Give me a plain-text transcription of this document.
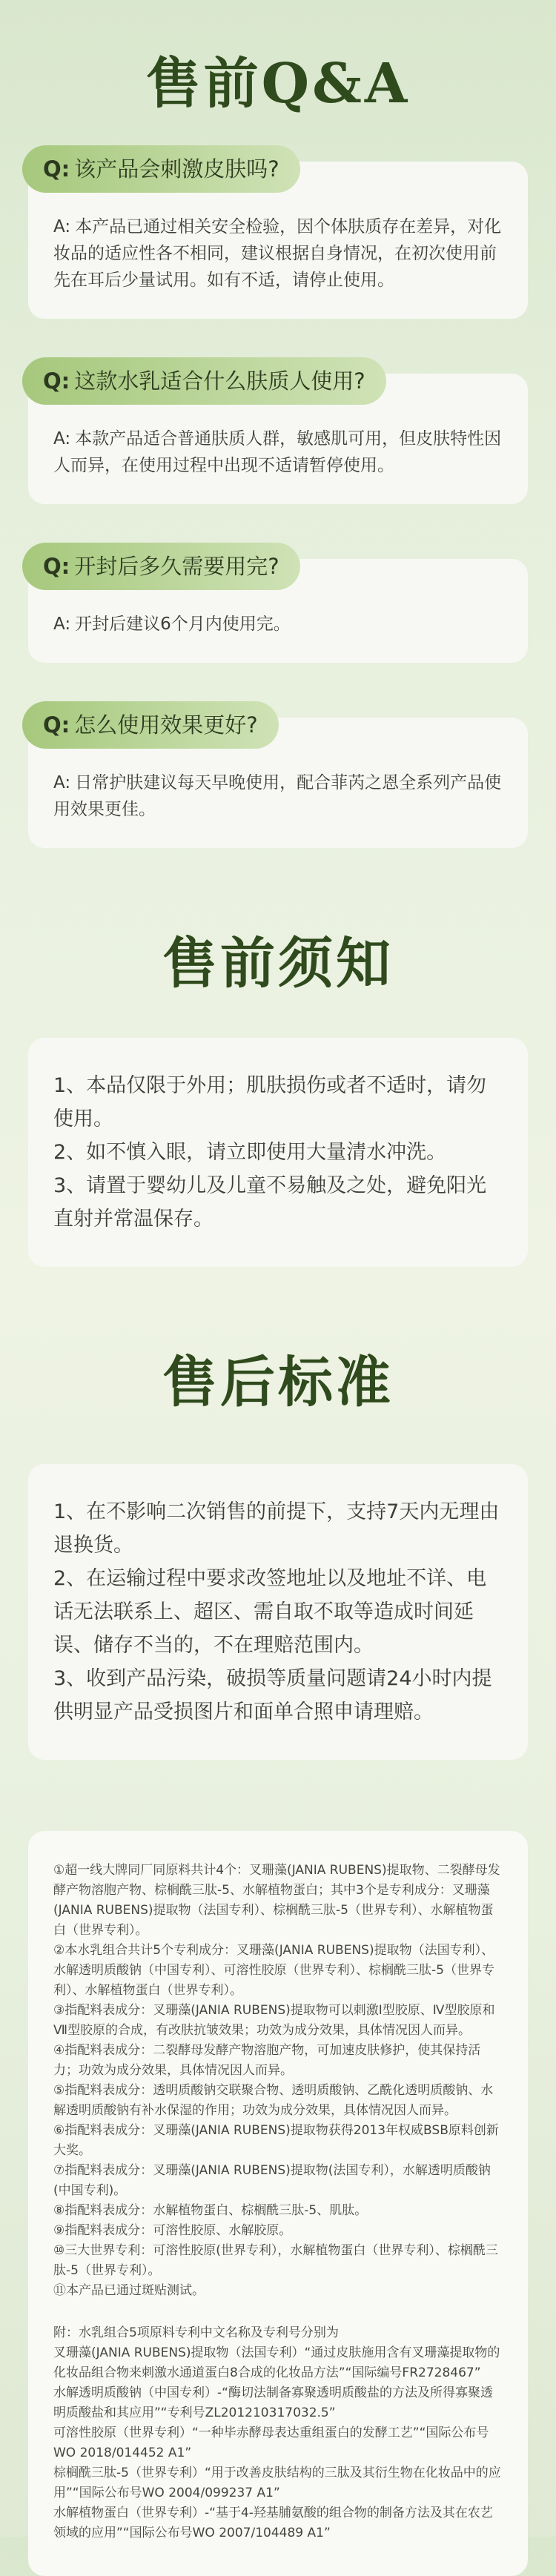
售前Q&A
Q: 该产品会刺激皮肤吗?
A: 本产品已通过相关安全检验，因个体肤质存在差异，对化妆品的适应性各不相同，建议根据自身情况，在初次使用前先在耳后少量试用。如有不适，请停止使用。
Q: 这款水乳适合什么肤质人使用?
A: 本款产品适合普通肤质人群，敏感肌可用，但皮肤特性因人而异，在使用过程中出现不适请暂停使用。
Q: 开封后多久需要用完?
A: 开封后建议6个月内使用完。
Q: 怎么使用效果更好?
A: 日常护肤建议每天早晚使用，配合菲芮之恩全系列产品使用效果更佳。
售前须知

1、本品仅限于外用；肌肤损伤或者不适时，请勿使用。

2、如不慎入眼，请立即使用大量清水冲洗。

3、请置于婴幼儿及儿童不易触及之处，避免阳光直射并常温保存。

售后标准

1、在不影响二次销售的前提下，支持7天内无理由退换货。

2、在运输过程中要求改签地址以及地址不详、电话无法联系上、超区、需自取不取等造成时间延误、储存不当的，不在理赔范围内。

3、收到产品污染，破损等质量问题请24小时内提供明显产品受损图片和面单合照申请理赔。

①超一线大牌同厂同原料共计4个：叉珊藻(JANIA RUBENS)提取物、二裂酵母发酵产物溶胞产物、棕榈酰三肽-5、水解植物蛋白；其中3个是专利成分：叉珊藻(JANIA RUBENS)提取物（法国专利）、棕榈酰三肽-5（世界专利）、水解植物蛋白（世界专利）。

②本水乳组合共计5个专利成分：叉珊藻(JANIA RUBENS)提取物（法国专利）、水解透明质酸钠（中国专利）、可溶性胶原（世界专利）、棕榈酰三肽-5（世界专利）、水解植物蛋白（世界专利）。

③指配料表成分：叉珊藻(JANIA RUBENS)提取物可以刺激Ⅰ型胶原、Ⅳ型胶原和Ⅶ型胶原的合成，有改肤抗皱效果；功效为成分效果，具体情况因人而异。

④指配料表成分：二裂酵母发酵产物溶胞产物，可加速皮肤修护，使其保持活力；功效为成分效果，具体情况因人而异。

⑤指配料表成分：透明质酸钠交联聚合物、透明质酸钠、乙酰化透明质酸钠、水解透明质酸钠有补水保湿的作用；功效为成分效果，具体情况因人而异。

⑥指配料表成分：叉珊藻(JANIA RUBENS)提取物获得2013年权威BSB原料创新大奖。

⑦指配料表成分：叉珊藻(JANIA RUBENS)提取物(法国专利），水解透明质酸钠(中国专利)。

⑧指配料表成分：水解植物蛋白、棕榈酰三肽-5、肌肽。

⑨指配料表成分：可溶性胶原、水解胶原。

⑩三大世界专利：可溶性胶原(世界专利），水解植物蛋白（世界专利）、棕榈酰三肽-5（世界专利）。

⑪本产品已通过斑贴测试。

附：水乳组合5项原料专利中文名称及专利号分别为

叉珊藻(JANIA RUBENS)提取物（法国专利）“通过皮肤施用含有叉珊藻提取物的化妆品组合物来刺激水通道蛋白8合成的化妆品方法”“国际编号FR2728467”

水解透明质酸钠（中国专利）-“酶切法制备寡聚透明质酸盐的方法及所得寡聚透明质酸盐和其应用”“专利号ZL201210317032.5”

可溶性胶原（世界专利）“一种毕赤酵母表达重组蛋白的发酵工艺”“国际公布号WO 2018/014452 A1”

棕榈酰三肽-5（世界专利）“用于改善皮肤结构的三肽及其衍生物在化妆品中的应用”“国际公布号WO 2004/099237 A1”

水解植物蛋白（世界专利）-“基于4-羟基脯氨酸的组合物的制备方法及其在农艺领域的应用”“国际公布号WO 2007/104489 A1”
